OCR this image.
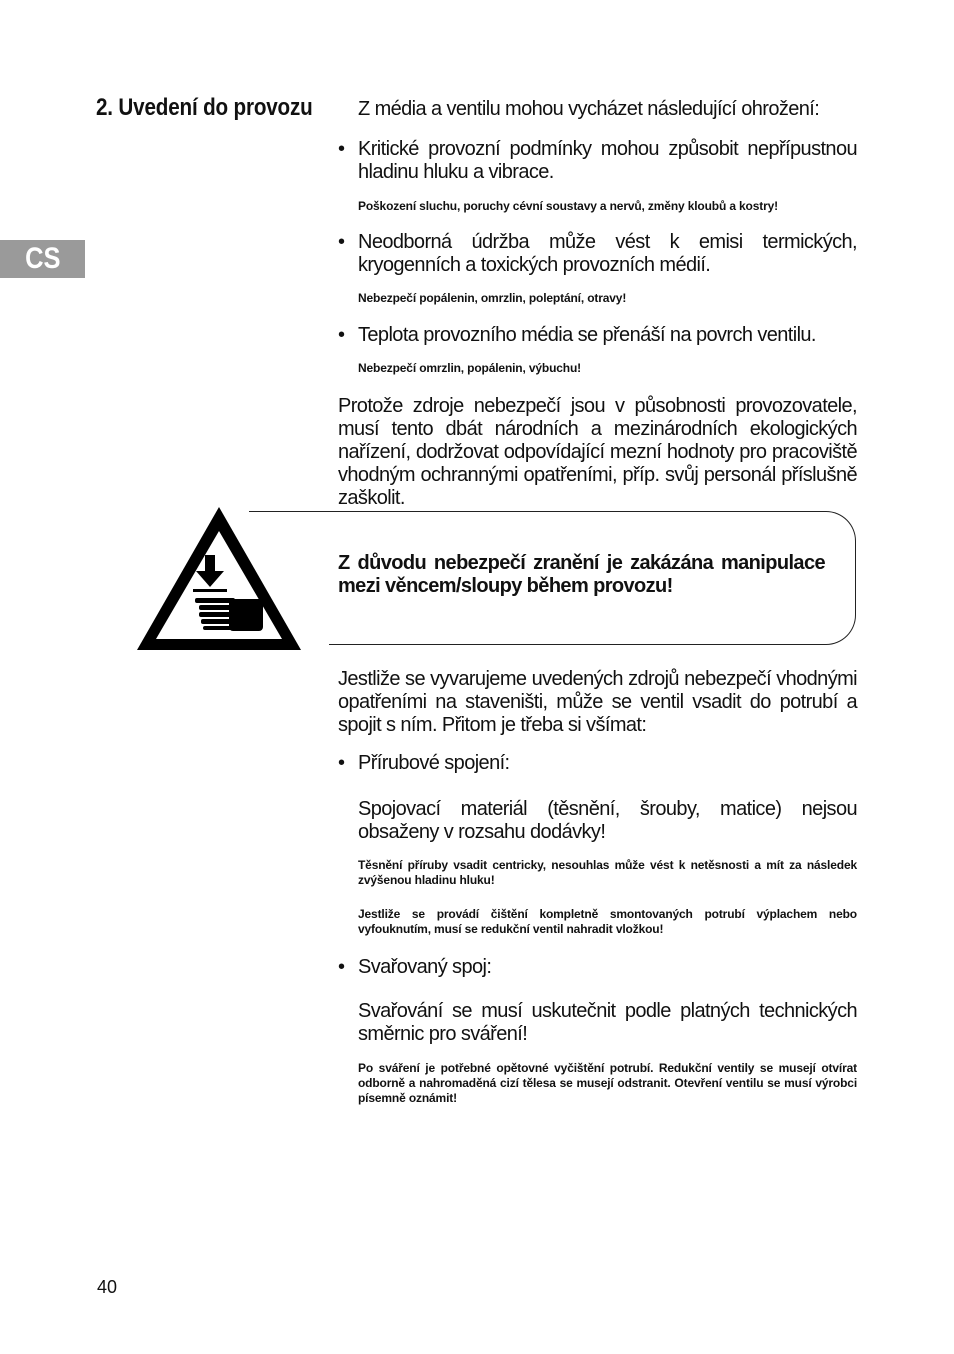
2. Uvedení do provozu
CS
Z média a ventilu mohou vycházet následující ohrožení:
• Kritické provozní podmínky mohou způsobit nepřípustnou hladinu hluku a vibrace.
Poškození sluchu, poruchy cévní soustavy a nervů, změny kloubů a kostry!
• Neodborná údržba může vést k emisi termických, kryogenních a toxických provozních médií.
Nebezpečí popálenin, omrzlin, poleptání, otravy!
• Teplota provozního média se přenáší na povrch ventilu.
Nebezpečí omrzlin, popálenin, výbuchu!
Protože zdroje nebezpečí jsou v působnosti provozovatele, musí tento dbát národních a mezinárodních ekologických nařízení, dodržovat odpovídající mezní hodnoty pro pracoviště vhodným ochrannými opatřeními, příp. svůj personál příslušně zaškolit.
Z důvodu nebezpečí zranění je zakázána manipulace mezi věncem/sloupy během provozu!
Jestliže se vyvarujeme uvedených zdrojů nebezpečí vhodnými opatřeními na staveništi, může se ventil vsadit do potrubí a spojit s ním. Přitom je třeba si všímat:
• Přírubové spojení:
Spojovací materiál (těsnění, šrouby, matice) nejsou obsaženy v rozsahu dodávky!
Těsnění příruby vsadit centricky, nesouhlas může vést k netěsnosti a mít za následek zvýšenou hladinu hluku!
Jestliže se provádí čištění kompletně smontovaných potrubí výplachem nebo vyfouknutím, musí se redukční ventil nahradit vložkou!
• Svařovaný spoj:
Svařování se musí uskutečnit podle platných technických směrnic pro sváření!
Po sváření je potřebné opětovné vyčištění potrubí. Redukční ventily se musejí otvírat odborně a nahromaděná cizí tělesa se musejí odstranit. Otevření ventilu se musí výrobci písemně oznámit!
40
